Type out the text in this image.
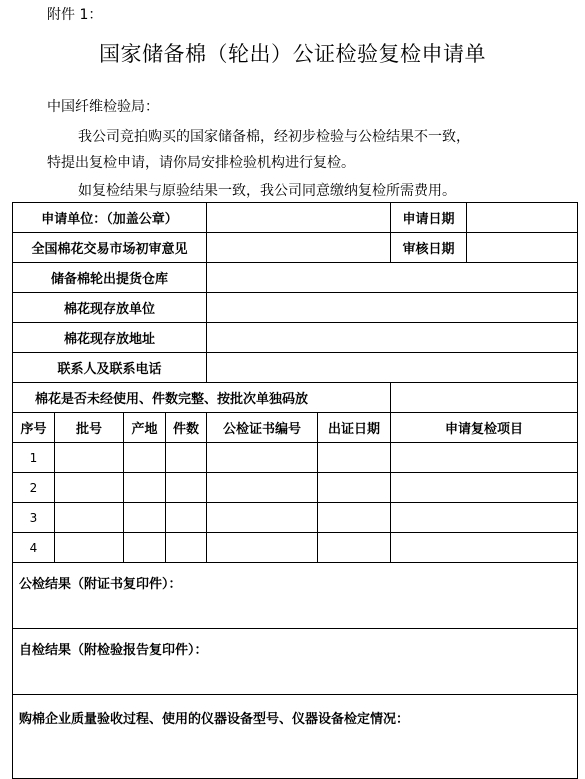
附件 1：
国家储备棉（轮出）公证检验复检申请单
中国纤维检验局：
我公司竞拍购买的国家储备棉，经初步检验与公检结果不一致，
特提出复检申请，请你局安排检验机构进行复检。
如复检结果与原验结果一致，我公司同意缴纳复检所需费用。
申请单位：（加盖公章）						申请日期	
全国棉花交易市场初审意见						审核日期	
储备棉轮出提货仓库							
棉花现存放单位							
棉花现存放地址							
联系人及联系电话							
棉花是否未经使用、件数完整、按批次单独码放							
序号	批号	产地	件数	公检证书编号	出证日期	申请复检项目	
1							
2							
3							
4							
公检结果（附证书复印件）：							
自检结果（附检验报告复印件）：							
购棉企业质量验收过程、使用的仪器设备型号、仪器设备检定情况：							
